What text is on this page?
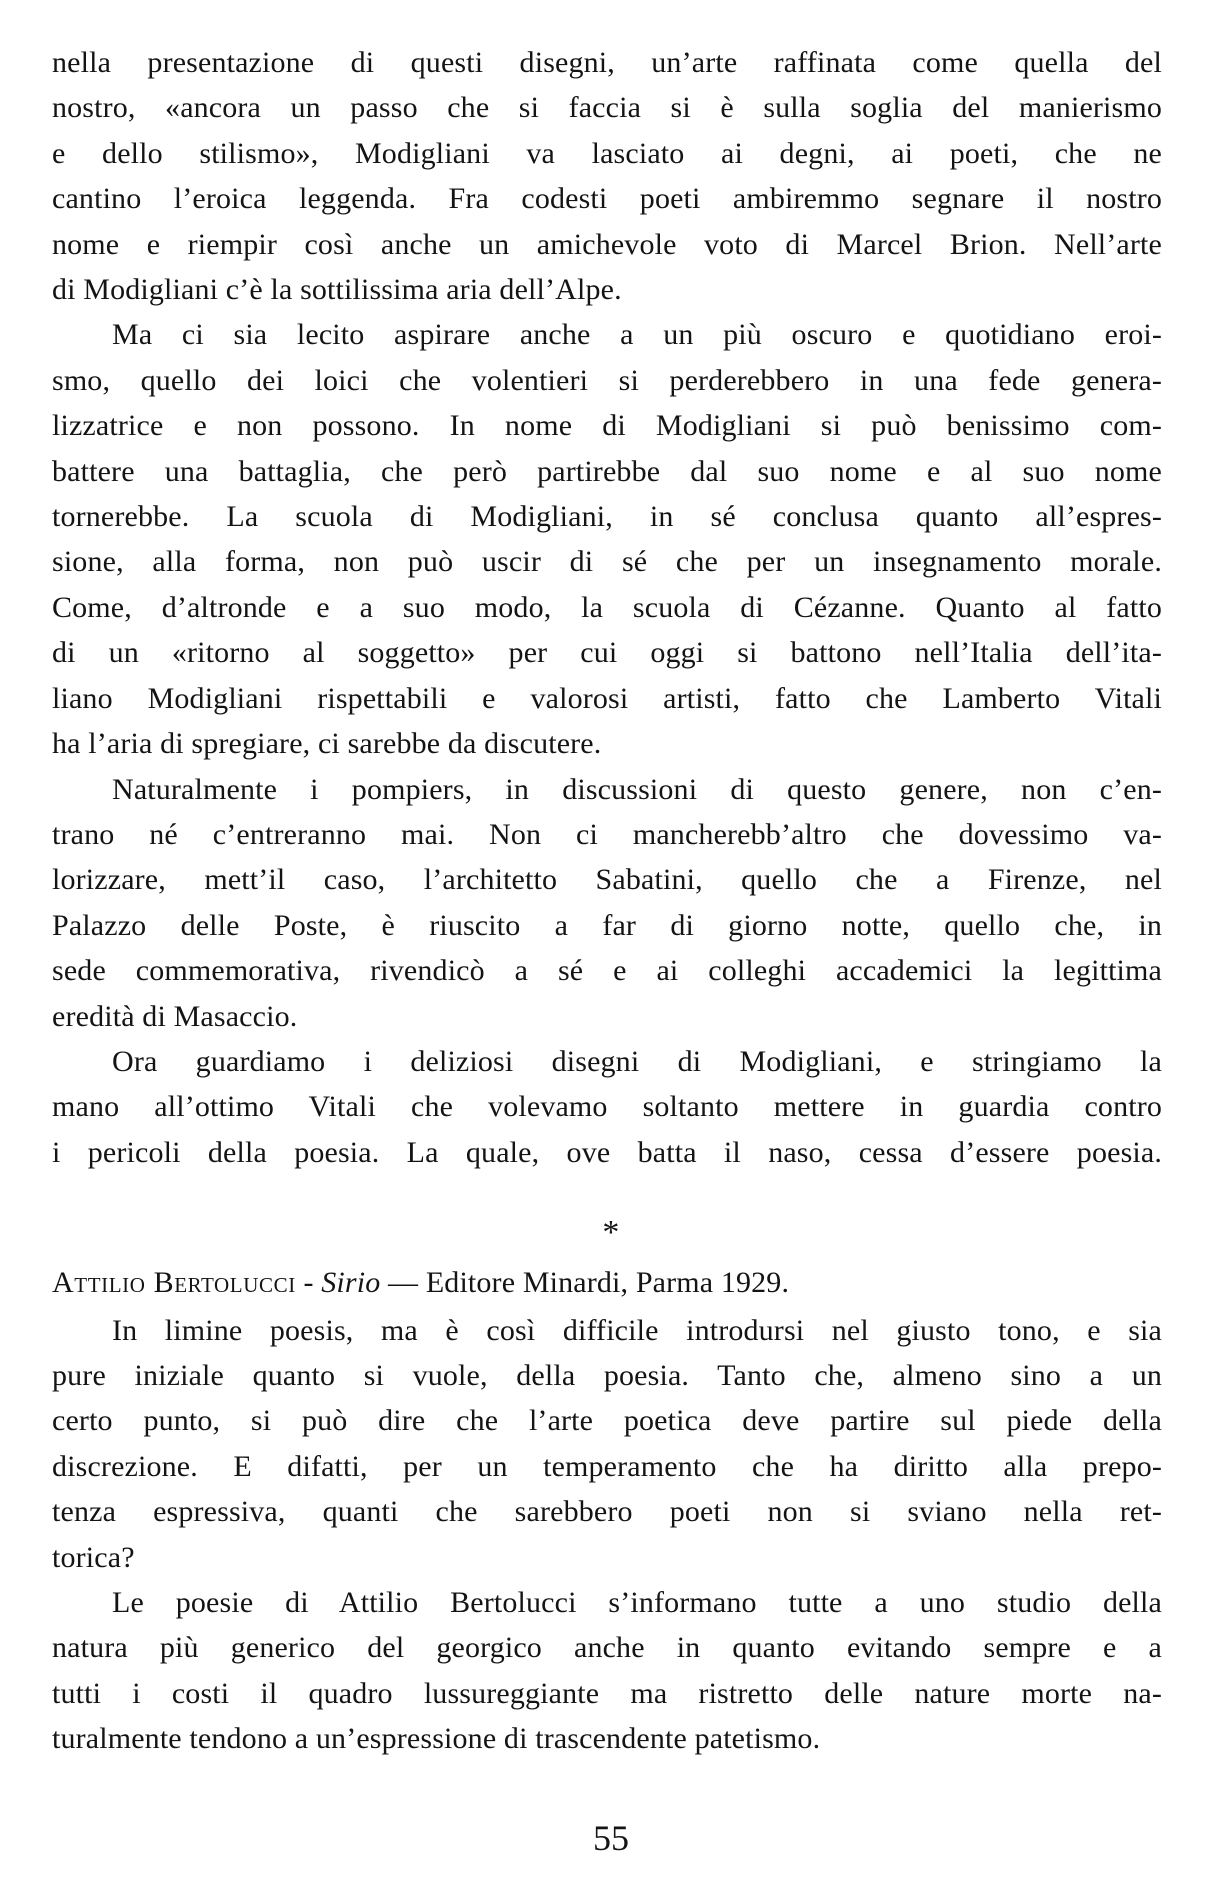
nella presentazione di questi disegni, un’arte raffinata come quella del
nostro, «ancora un passo che si faccia si è sulla soglia del manierismo
e dello stilismo», Modigliani va lasciato ai degni, ai poeti, che ne
cantino l’eroica leggenda. Fra codesti poeti ambiremmo segnare il nostro
nome e riempir così anche un amichevole voto di Marcel Brion. Nell’arte
di Modigliani c’è la sottilissima aria dell’Alpe.
Ma ci sia lecito aspirare anche a un più oscuro e quotidiano eroi-
smo, quello dei loici che volentieri si perderebbero in una fede genera-
lizzatrice e non possono. In nome di Modigliani si può benissimo com-
battere una battaglia, che però partirebbe dal suo nome e al suo nome
tornerebbe. La scuola di Modigliani, in sé conclusa quanto all’espres-
sione, alla forma, non può uscir di sé che per un insegnamento morale.
Come, d’altronde e a suo modo, la scuola di Cézanne. Quanto al fatto
di un «ritorno al soggetto» per cui oggi si battono nell’Italia dell’ita-
liano Modigliani rispettabili e valorosi artisti, fatto che Lamberto Vitali
ha l’aria di spregiare, ci sarebbe da discutere.
Naturalmente i pompiers, in discussioni di questo genere, non c’en-
trano né c’entreranno mai. Non ci mancherebb’altro che dovessimo va-
lorizzare, mett’il caso, l’architetto Sabatini, quello che a Firenze, nel
Palazzo delle Poste, è riuscito a far di giorno notte, quello che, in
sede commemorativa, rivendicò a sé e ai colleghi accademici la legittima
eredità di Masaccio.
Ora guardiamo i deliziosi disegni di Modigliani, e stringiamo la
mano all’ottimo Vitali che volevamo soltanto mettere in guardia contro
i pericoli della poesia. La quale, ove batta il naso, cessa d’essere poesia.
*
Attilio Bertolucci - Sirio — Editore Minardi, Parma 1929.
In limine poesis, ma è così difficile introdursi nel giusto tono, e sia
pure iniziale quanto si vuole, della poesia. Tanto che, almeno sino a un
certo punto, si può dire che l’arte poetica deve partire sul piede della
discrezione. E difatti, per un temperamento che ha diritto alla prepo-
tenza espressiva, quanti che sarebbero poeti non si sviano nella ret-
torica?
Le poesie di Attilio Bertolucci s’informano tutte a uno studio della
natura più generico del georgico anche in quanto evitando sempre e a
tutti i costi il quadro lussureggiante ma ristretto delle nature morte na-
turalmente tendono a un’espressione di trascendente patetismo.
55
